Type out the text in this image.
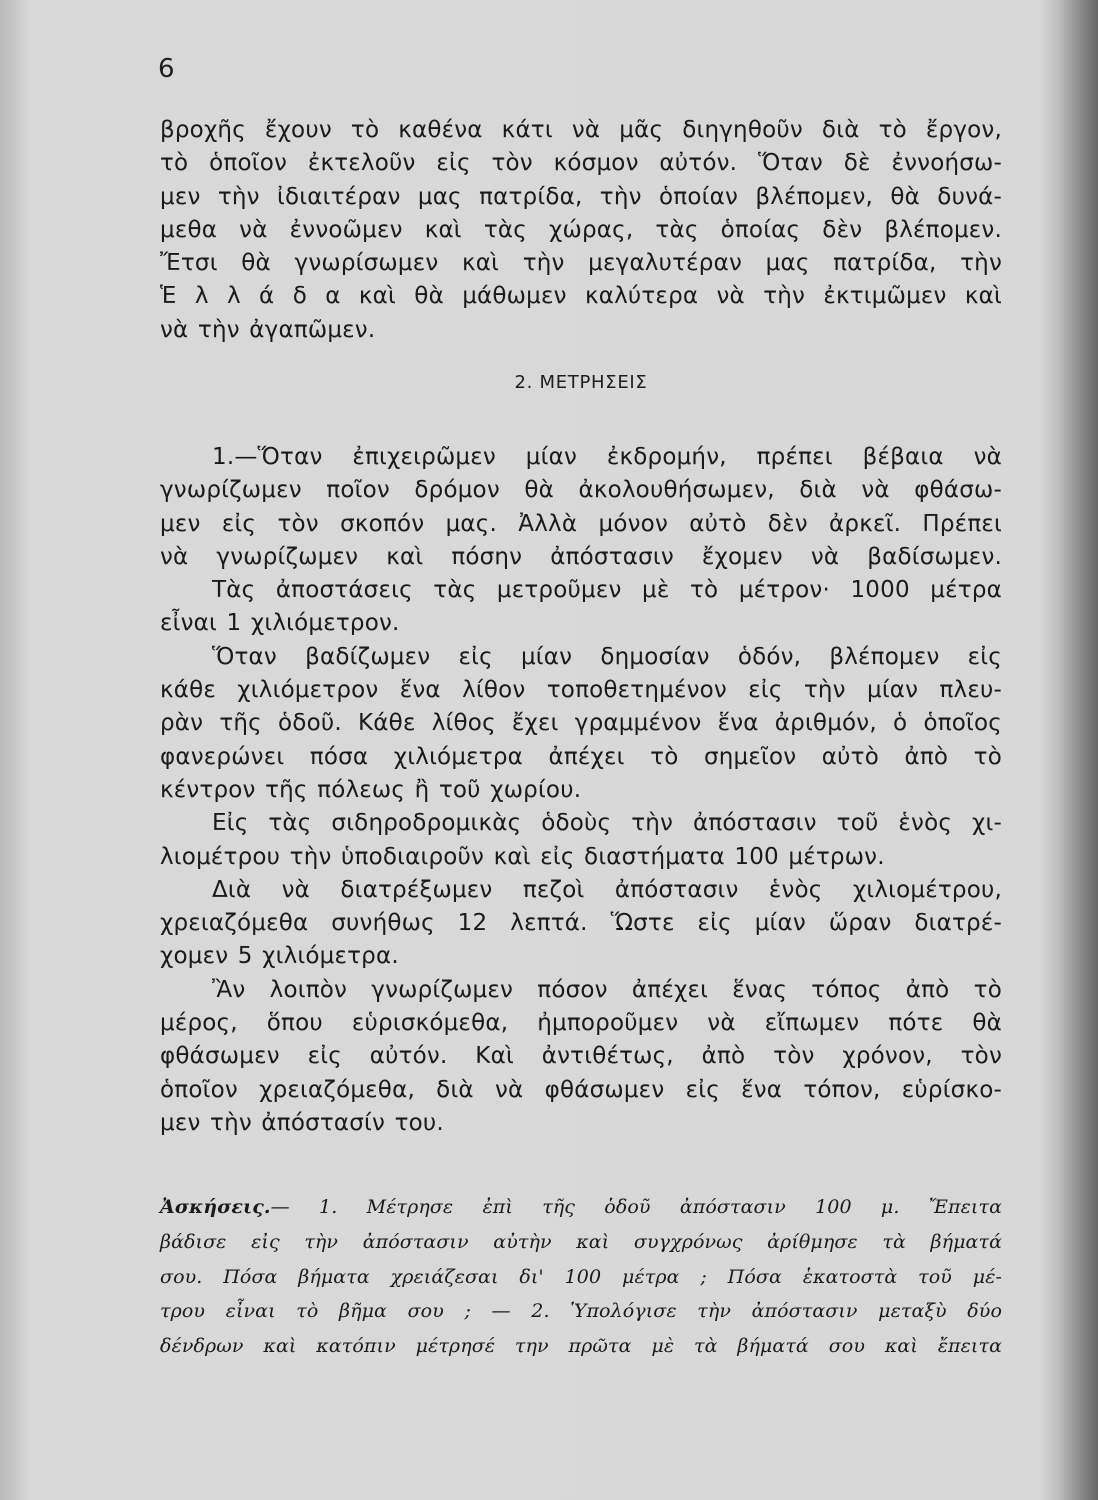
6
βροχῆς ἔχουν τὸ καθένα κάτι νὰ μᾶς διηγηθοῦν διὰ τὸ ἔργον,
τὸ ὁποῖον ἐκτελοῦν εἰς τὸν κόσμον αὐτόν. Ὅταν δὲ ἐννοήσω-
μεν τὴν ἰδιαιτέραν μας πατρίδα, τὴν ὁποίαν βλέπομεν, θὰ δυνά-
μεθα νὰ ἐννοῶμεν καὶ τὰς χώρας, τὰς ὁποίας δὲν βλέπομεν.
Ἔτσι θὰ γνωρίσωμεν καὶ τὴν μεγαλυτέραν μας πατρίδα, τὴν
Ἑ λ λ ά δ α καὶ θὰ μάθωμεν καλύτερα νὰ τὴν ἐκτιμῶμεν καὶ
νὰ τὴν ἀγαπῶμεν.
2. ΜΕΤΡΗΣΕΙΣ
1.—Ὅταν ἐπιχειρῶμεν μίαν ἐκδρομήν, πρέπει βέβαια νὰ
γνωρίζωμεν ποῖον δρόμον θὰ ἀκολουθήσωμεν, διὰ νὰ φθάσω-
μεν εἰς τὸν σκοπόν μας. Ἀλλὰ μόνον αὐτὸ δὲν ἀρκεῖ. Πρέπει
νὰ γνωρίζωμεν καὶ πόσην ἀπόστασιν ἔχομεν νὰ βαδίσωμεν.
Τὰς ἀποστάσεις τὰς μετροῦμεν μὲ τὸ μέτρον· 1000 μέτρα
εἶναι 1 χιλιόμετρον.
Ὅταν βαδίζωμεν εἰς μίαν δημοσίαν ὁδόν, βλέπομεν εἰς
κάθε χιλιόμετρον ἕνα λίθον τοποθετημένον εἰς τὴν μίαν πλευ-
ρὰν τῆς ὁδοῦ. Κάθε λίθος ἔχει γραμμένον ἕνα ἀριθμόν, ὁ ὁποῖος
φανερώνει πόσα χιλιόμετρα ἀπέχει τὸ σημεῖον αὐτὸ ἀπὸ τὸ
κέντρον τῆς πόλεως ἢ τοῦ χωρίου.
Εἰς τὰς σιδηροδρομικὰς ὁδοὺς τὴν ἀπόστασιν τοῦ ἑνὸς χι-
λιομέτρου τὴν ὑποδιαιροῦν καὶ εἰς διαστήματα 100 μέτρων.
Διὰ νὰ διατρέξωμεν πεζοὶ ἀπόστασιν ἑνὸς χιλιομέτρου,
χρειαζόμεθα συνήθως 12 λεπτά. Ὥστε εἰς μίαν ὥραν διατρέ-
χομεν 5 χιλιόμετρα.
Ἂν λοιπὸν γνωρίζωμεν πόσον ἀπέχει ἕνας τόπος ἀπὸ τὸ
μέρος, ὅπου εὑρισκόμεθα, ἠμποροῦμεν νὰ εἴπωμεν πότε θὰ
φθάσωμεν εἰς αὐτόν. Καὶ ἀντιθέτως, ἀπὸ τὸν χρόνον, τὸν
ὁποῖον χρειαζόμεθα, διὰ νὰ φθάσωμεν εἰς ἕνα τόπον, εὑρίσκο-
μεν τὴν ἀπόστασίν του.
Ἀσκήσεις.— 1. Μέτρησε ἐπὶ τῆς ὁδοῦ ἀπόστασιν 100 μ. Ἔπειτα
βάδισε εἰς τὴν ἀπόστασιν αὐτὴν καὶ συγχρόνως ἀρίθμησε τὰ βήματά
σου. Πόσα βήματα χρειάζεσαι δι' 100 μέτρα ; Πόσα ἑκατοστὰ τοῦ μέ-
τρου εἶναι τὸ βῆμα σου ; — 2. Ὑπολόγισε τὴν ἀπόστασιν μεταξὺ δύο
δένδρων καὶ κατόπιν μέτρησέ την πρῶτα μὲ τὰ βήματά σου καὶ ἔπειτα
